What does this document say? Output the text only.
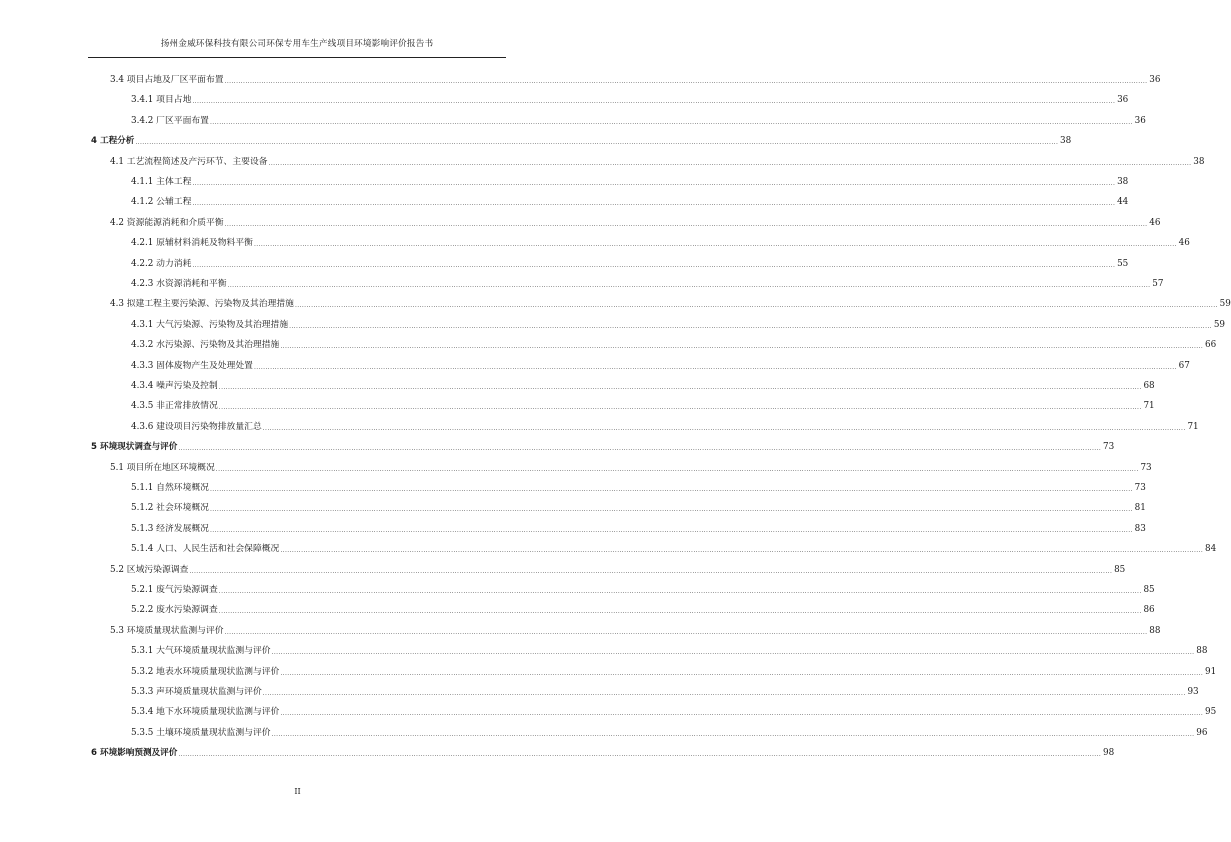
扬州金威环保科技有限公司环保专用车生产线项目环境影响评价报告书
3.4 项目占地及厂区平面布置 ................................................................................................................................................................................................................................................................................................................................................................................................................ 36
3.4.1 项目占地 ................................................................................................................................................................................................................................................................................................................................................................................................................ 36
3.4.2 厂区平面布置 ................................................................................................................................................................................................................................................................................................................................................................................................................ 36
4 工程分析 ................................................................................................................................................................................................................................................................................................................................................................................................................ 38
4.1 工艺流程简述及产污环节、主要设备 ................................................................................................................................................................................................................................................................................................................................................................................................................ 38
4.1.1 主体工程 ................................................................................................................................................................................................................................................................................................................................................................................................................ 38
4.1.2 公辅工程 ................................................................................................................................................................................................................................................................................................................................................................................................................ 44
4.2 资源能源消耗和介质平衡 ................................................................................................................................................................................................................................................................................................................................................................................................................ 46
4.2.1 原辅材料消耗及物料平衡 ................................................................................................................................................................................................................................................................................................................................................................................................................ 46
4.2.2 动力消耗 ................................................................................................................................................................................................................................................................................................................................................................................................................ 55
4.2.3 水资源消耗和平衡 ................................................................................................................................................................................................................................................................................................................................................................................................................ 57
4.3 拟建工程主要污染源、污染物及其治理措施 ................................................................................................................................................................................................................................................................................................................................................................................................................ 59
4.3.1 大气污染源、污染物及其治理措施 ................................................................................................................................................................................................................................................................................................................................................................................................................ 59
4.3.2 水污染源、污染物及其治理措施 ................................................................................................................................................................................................................................................................................................................................................................................................................ 66
4.3.3 固体废物产生及处理处置 ................................................................................................................................................................................................................................................................................................................................................................................................................ 67
4.3.4 噪声污染及控制 ................................................................................................................................................................................................................................................................................................................................................................................................................ 68
4.3.5 非正常排放情况 ................................................................................................................................................................................................................................................................................................................................................................................................................ 71
4.3.6 建设项目污染物排放量汇总 ................................................................................................................................................................................................................................................................................................................................................................................................................ 71
5 环境现状调查与评价 ................................................................................................................................................................................................................................................................................................................................................................................................................ 73
5.1 项目所在地区环境概况 ................................................................................................................................................................................................................................................................................................................................................................................................................ 73
5.1.1 自然环境概况 ................................................................................................................................................................................................................................................................................................................................................................................................................ 73
5.1.2 社会环境概况 ................................................................................................................................................................................................................................................................................................................................................................................................................ 81
5.1.3 经济发展概况 ................................................................................................................................................................................................................................................................................................................................................................................................................ 83
5.1.4 人口、人民生活和社会保障概况 ................................................................................................................................................................................................................................................................................................................................................................................................................ 84
5.2 区域污染源调查 ................................................................................................................................................................................................................................................................................................................................................................................................................ 85
5.2.1 废气污染源调查 ................................................................................................................................................................................................................................................................................................................................................................................................................ 85
5.2.2 废水污染源调查 ................................................................................................................................................................................................................................................................................................................................................................................................................ 86
5.3 环境质量现状监测与评价 ................................................................................................................................................................................................................................................................................................................................................................................................................ 88
5.3.1 大气环境质量现状监测与评价 ................................................................................................................................................................................................................................................................................................................................................................................................................ 88
5.3.2 地表水环境质量现状监测与评价 ................................................................................................................................................................................................................................................................................................................................................................................................................ 91
5.3.3 声环境质量现状监测与评价 ................................................................................................................................................................................................................................................................................................................................................................................................................ 93
5.3.4 地下水环境质量现状监测与评价 ................................................................................................................................................................................................................................................................................................................................................................................................................ 95
5.3.5 土壤环境质量现状监测与评价 ................................................................................................................................................................................................................................................................................................................................................................................................................ 96
6 环境影响预测及评价 ................................................................................................................................................................................................................................................................................................................................................................................................................ 98
II
